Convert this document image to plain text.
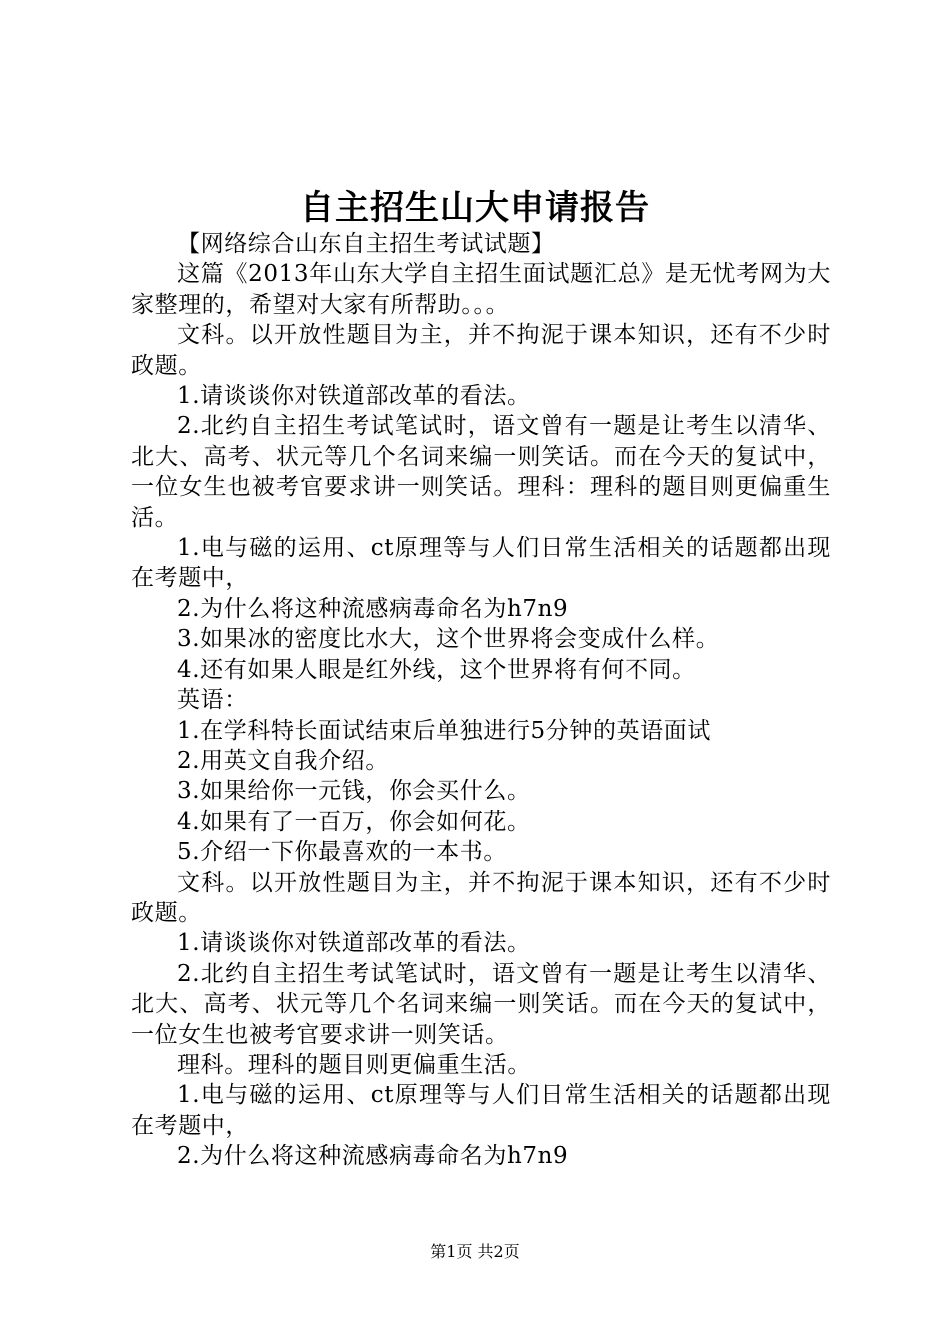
自主招生山大申请报告

【网络综合山东自主招生考试试题】

这篇《2013年山东大学自主招生面试题汇总》是无忧考网为大家整理的，希望对大家有所帮助。。。

文科。以开放性题目为主，并不拘泥于课本知识，还有不少时政题。

1.请谈谈你对铁道部改革的看法。

2.北约自主招生考试笔试时，语文曾有一题是让考生以清华、北大、高考、状元等几个名词来编一则笑话。而在今天的复试中，一位女生也被考官要求讲一则笑话。理科：理科的题目则更偏重生活。

1.电与磁的运用、ct原理等与人们日常生活相关的话题都出现在考题中，

2.为什么将这种流感病毒命名为h7n9

3.如果冰的密度比水大，这个世界将会变成什么样。

4.还有如果人眼是红外线，这个世界将有何不同。

英语：

1.在学科特长面试结束后单独进行5分钟的英语面试

2.用英文自我介绍。

3.如果给你一元钱，你会买什么。

4.如果有了一百万，你会如何花。

5.介绍一下你最喜欢的一本书。

文科。以开放性题目为主，并不拘泥于课本知识，还有不少时政题。

1.请谈谈你对铁道部改革的看法。

2.北约自主招生考试笔试时，语文曾有一题是让考生以清华、北大、高考、状元等几个名词来编一则笑话。而在今天的复试中，一位女生也被考官要求讲一则笑话。

理科。理科的题目则更偏重生活。

1.电与磁的运用、ct原理等与人们日常生活相关的话题都出现在考题中，

2.为什么将这种流感病毒命名为h7n9

第1页 共2页
